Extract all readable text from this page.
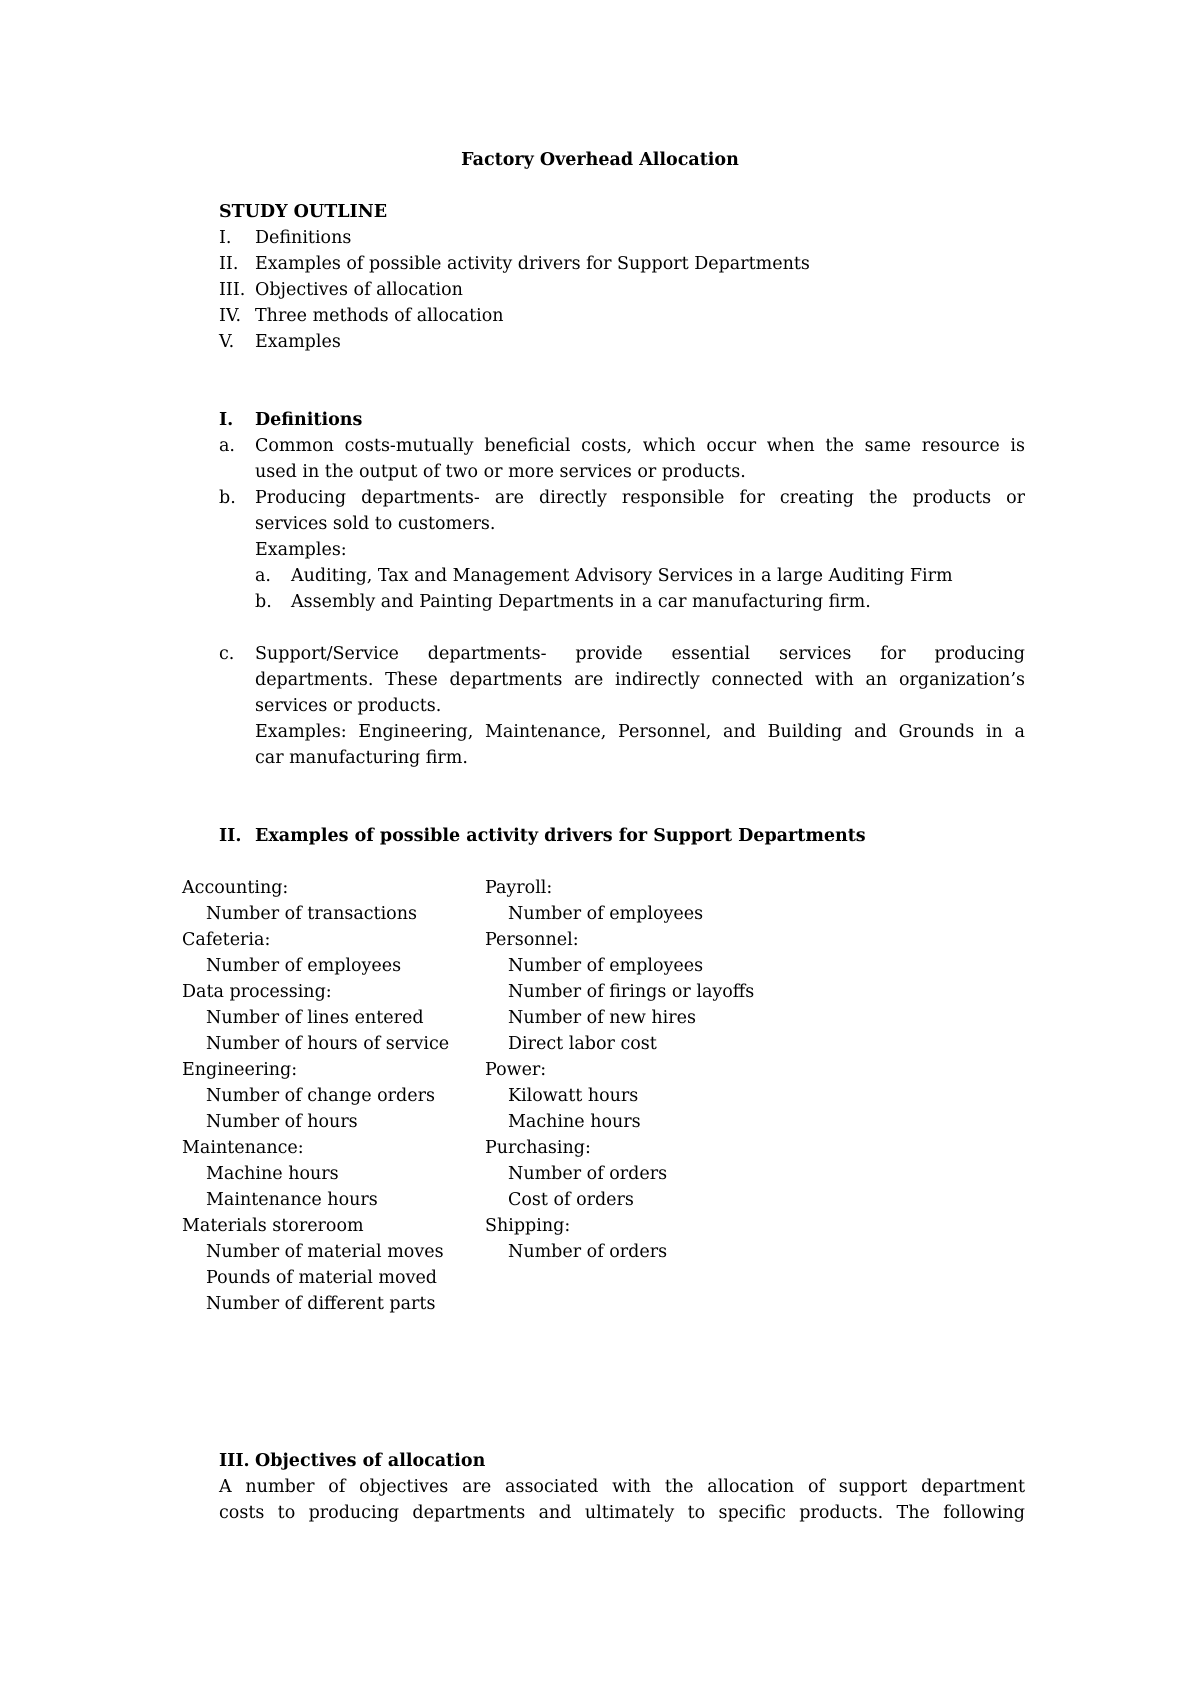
Factory Overhead Allocation
STUDY OUTLINE
I. Definitions
II. Examples of possible activity drivers for Support Departments
III. Objectives of allocation
IV. Three methods of allocation
V. Examples
I. Definitions
a. Common costs-mutually beneficial costs, which occur when the same resource is
used in the output of two or more services or products.
b. Producing departments- are directly responsible for creating the products or
services sold to customers.
Examples:
a. Auditing, Tax and Management Advisory Services in a large Auditing Firm
b. Assembly and Painting Departments in a car manufacturing firm.
c. Support/Service departments- provide essential services for producing
departments. These departments are indirectly connected with an organization’s
services or products.
Examples: Engineering, Maintenance, Personnel, and Building and Grounds in a
car manufacturing firm.
II. Examples of possible activity drivers for Support Departments
Accounting:
Number of transactions
Cafeteria:
Number of employees
Data processing:
Number of lines entered
Number of hours of service
Engineering:
Number of change orders
Number of hours
Maintenance:
Machine hours
Maintenance hours
Materials storeroom
Number of material moves
Pounds of material moved
Number of different parts
Payroll:
Number of employees
Personnel:
Number of employees
Number of firings or layoffs
Number of new hires
Direct labor cost
Power:
Kilowatt hours
Machine hours
Purchasing:
Number of orders
Cost of orders
Shipping:
Number of orders
III. Objectives of allocation
A number of objectives are associated with the allocation of support department
costs to producing departments and ultimately to specific products. The following
